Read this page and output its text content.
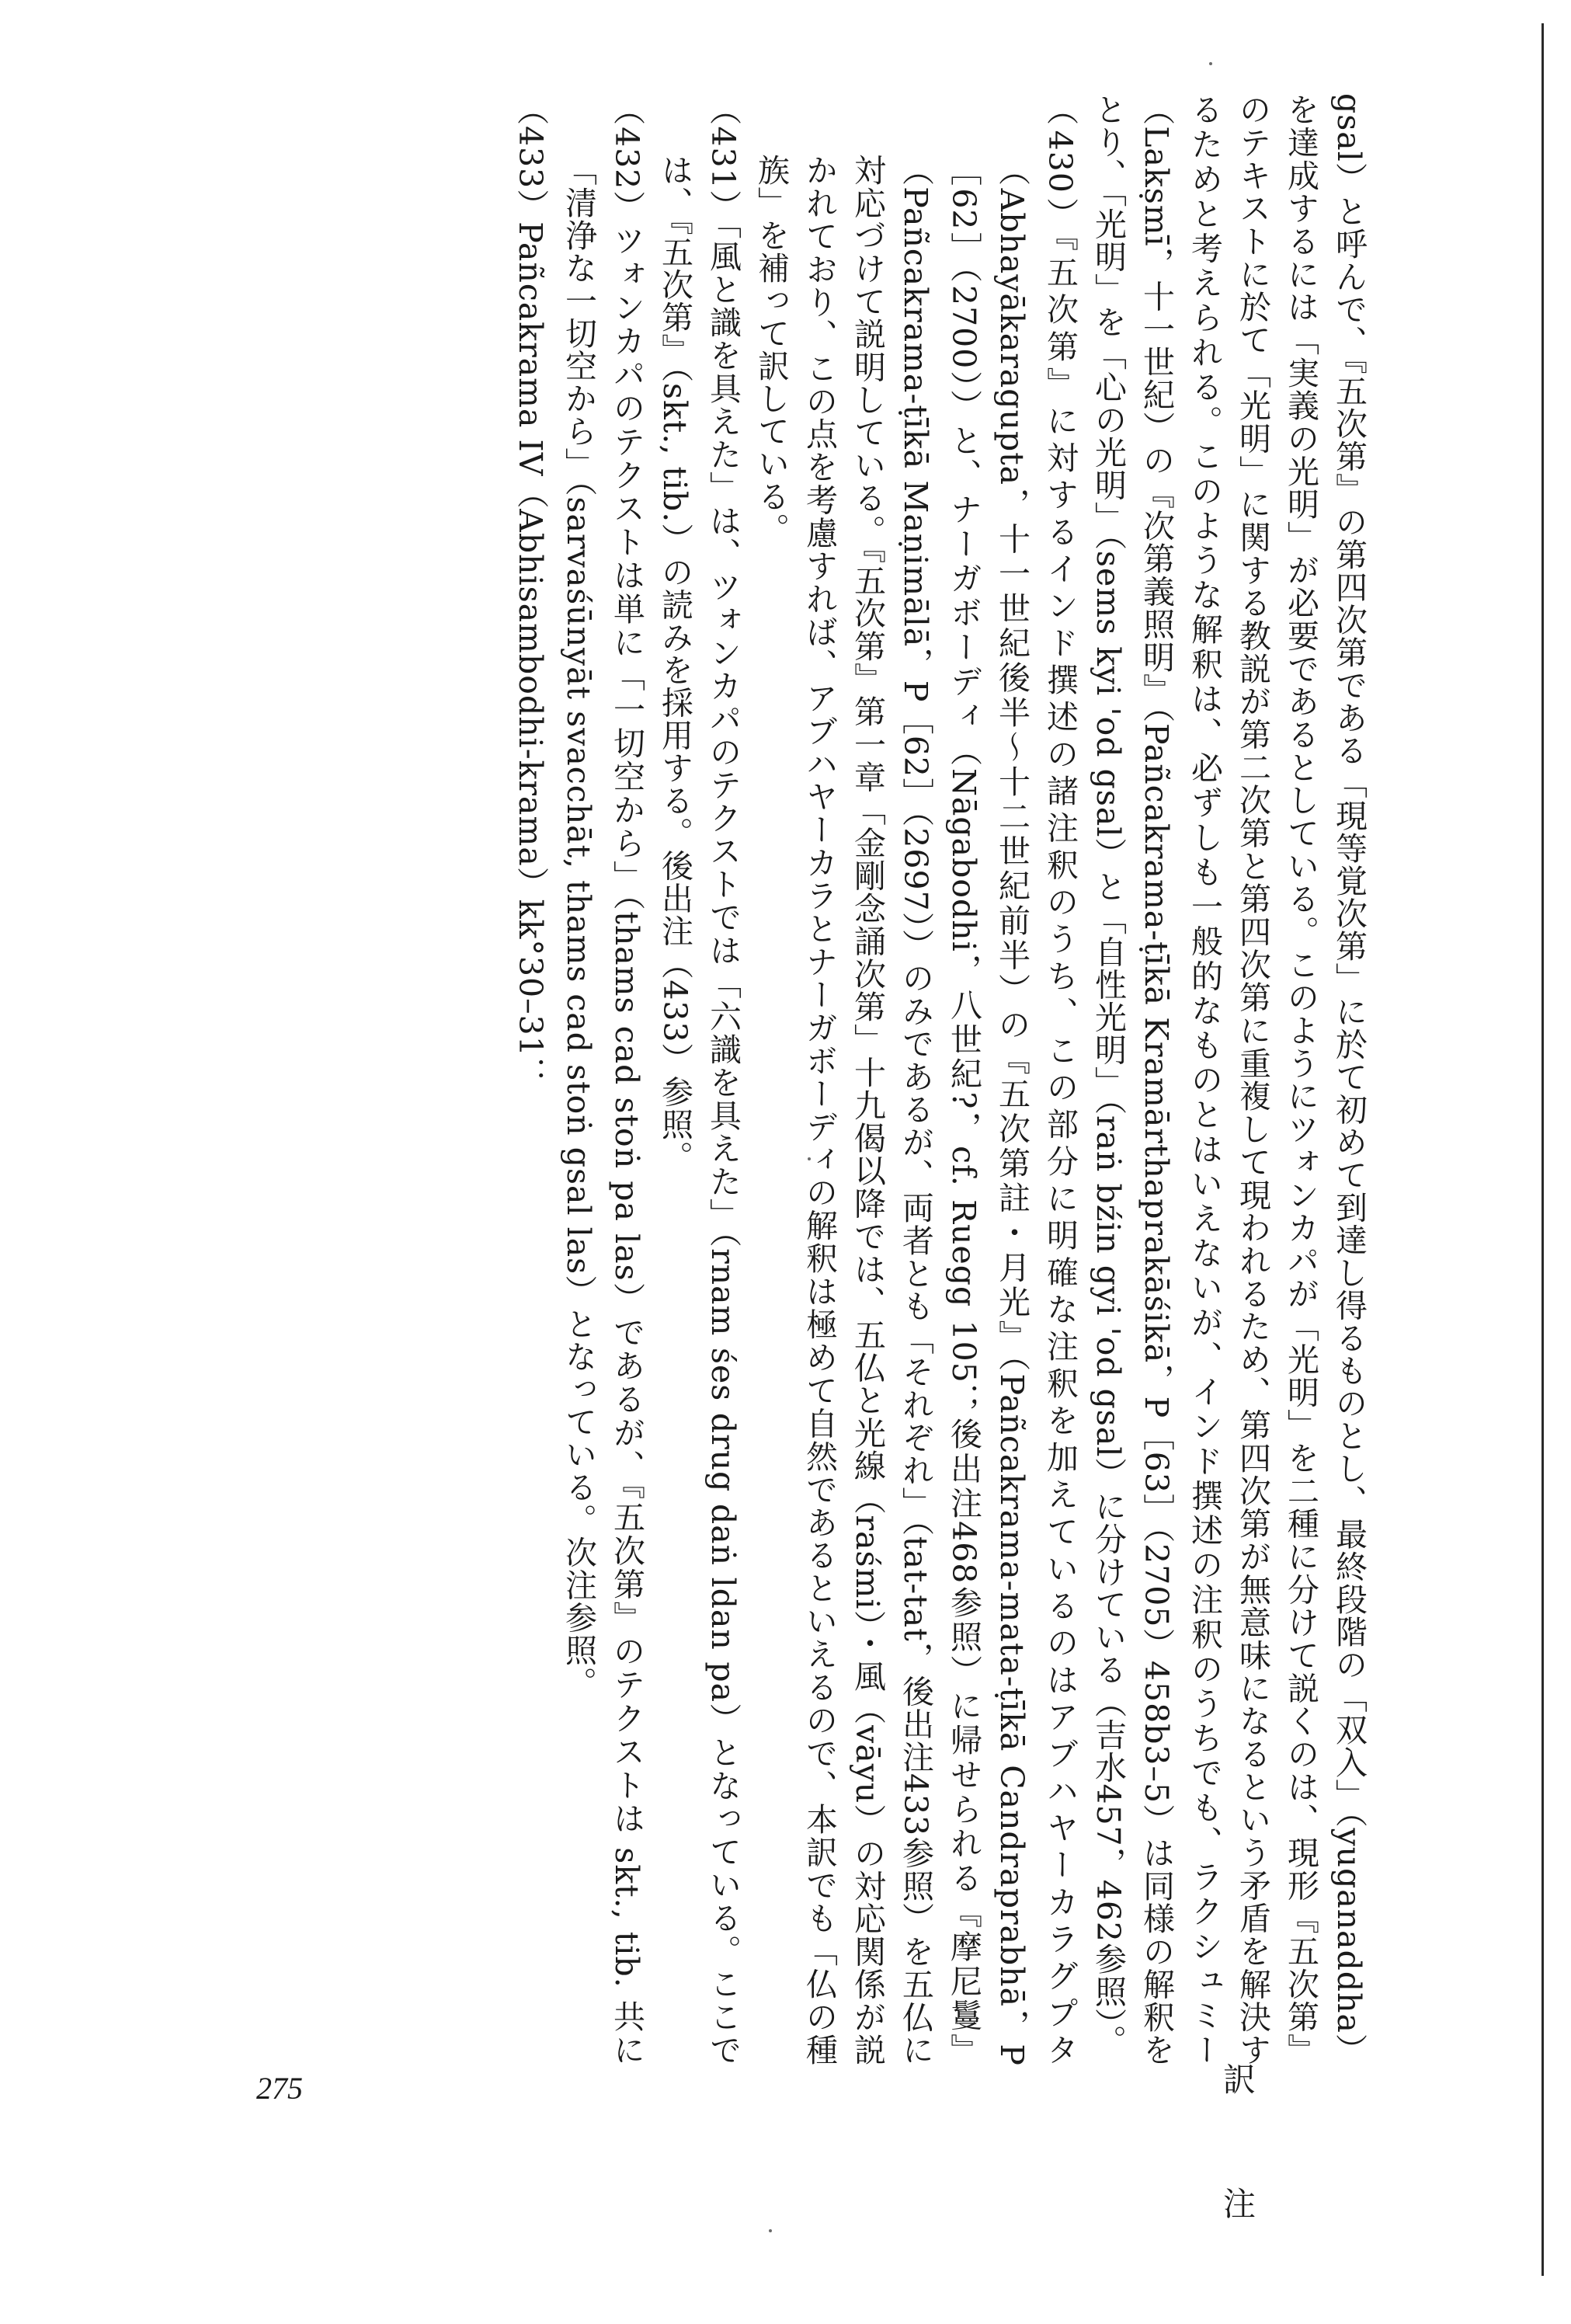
gsal）と呼んで、『五次第』の第四次第である「現等覚次第」に於て初めて到達し得るものとし、最終段階の「双入」（yuganaddha）を達成するには「実義の光明」が必要であるとしている。このようにツォンカパが「光明」を二種に分けて説くのは、現形『五次第』のテキストに於て「光明」に関する教説が第二次第と第四次第に重複して現われるため、第四次第が無意味になるという矛盾を解決するためと考えられる。このような解釈は、必ずしも一般的なものとはいえないが、インド撰述の注釈のうちでも、ラクシュミー（Lakṣmī，十一世紀）の『次第義照明』（Pañcakrama-ṭīkā Kramārthaprakāśikā，P［63］（2705）458b3–5）は同様の解釈をとり、「光明」を「心の光明」（sems kyi 'od gsal）と「自性光明」（raṅ bźin gyi 'od gsal）に分けている（吉水457，462参照）。

（430）『五次第』に対するインド撰述の諸注釈のうち、この部分に明確な注釈を加えているのはアブハヤーカラグプタ（Abhayākaragupta，十一世紀後半〜十二世紀前半）の『五次第註・月光』（Pañcakrama-mata-ṭīkā Candraprabhā，P［62］（2700））と、ナーガボーディ（Nāgabodhi，八世紀?，cf. Ruegg 105；後出注468参照）に帰せられる『摩尼鬘』（Pañcakrama-ṭīkā Maṇimālā，P［62］（2697））のみであるが、両者とも「それぞれ」（tat-tat，後出注433参照）を五仏に対応づけて説明している。『五次第』第一章「金剛念誦次第」十九偈以降では、五仏と光線（raśmi）・風（vāyu）の対応関係が説かれており、この点を考慮すれば、アブハヤーカラとナーガボーディの解釈は極めて自然であるといえるので、本訳でも「仏の種族」を補って訳している。

（431）「風と識を具えた」は、ツォンカパのテクストでは「六識を具えた」（rnam śes drug daṅ ldan pa）となっている。ここでは、『五次第』（skt., tib.）の読みを採用する。後出注（433）参照。

（432）ツォンカパのテクストは単に「一切空から」（thams cad stoṅ pa las）であるが、『五次第』のテクストは skt., tib. 共に「清浄な一切空から」（sarvaśūnyāt svacchāt, thams cad stoṅ gsal las）となっている。次注参照。

（433）Pañcakrama IV（Abhisambodhi-krama）kk°30–31：

訳　注
275
